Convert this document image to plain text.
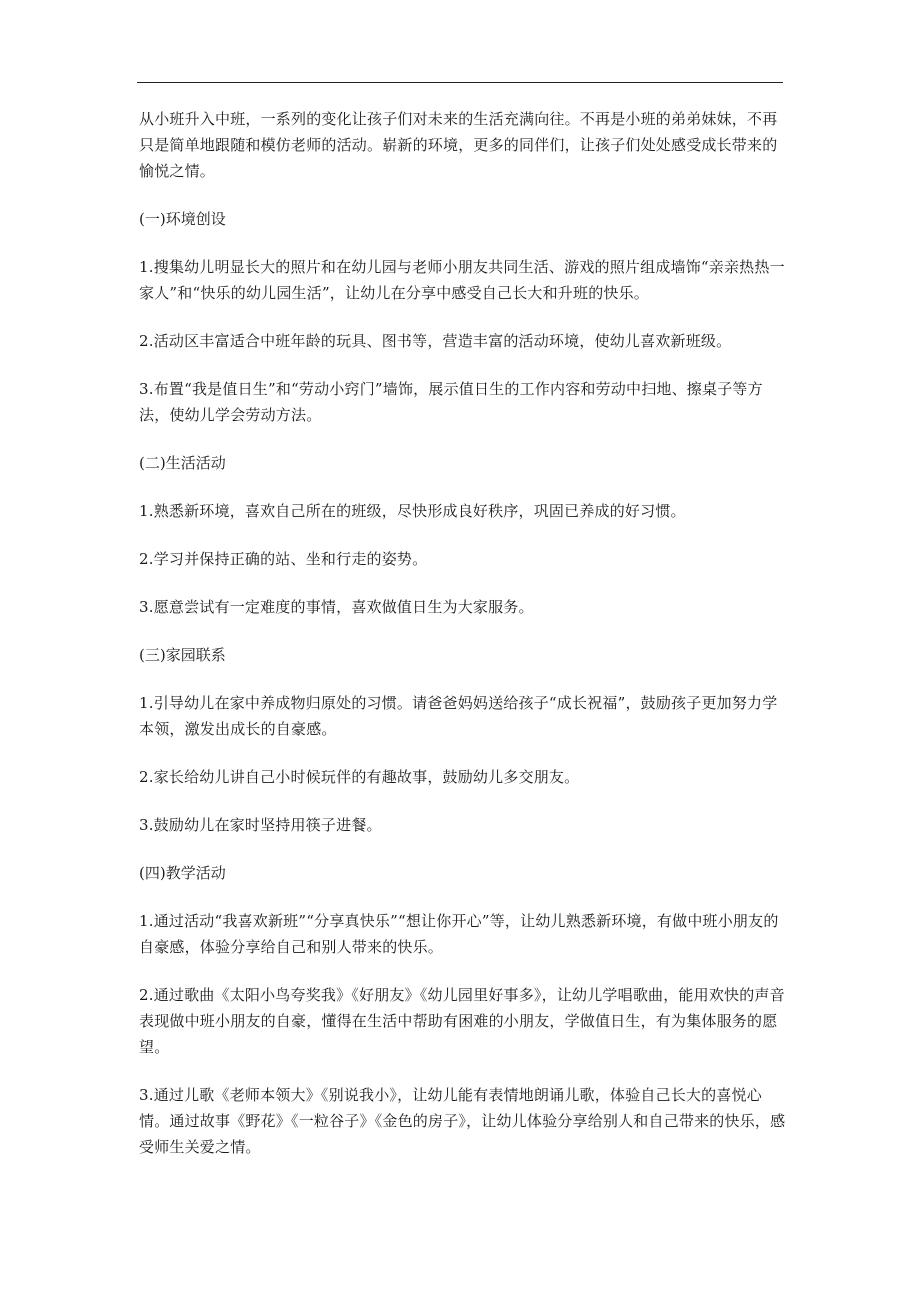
从小班升入中班，一系列的变化让孩子们对未来的生活充满向往。不再是小班的弟弟妹妹，不再只是简单地跟随和模仿老师的活动。崭新的环境，更多的同伴们，让孩子们处处感受成长带来的愉悦之情。

(一)环境创设

1.搜集幼儿明显长大的照片和在幼儿园与老师小朋友共同生活、游戏的照片组成墙饰“亲亲热热一家人”和“快乐的幼儿园生活”，让幼儿在分享中感受自己长大和升班的快乐。

2.活动区丰富适合中班年龄的玩具、图书等，营造丰富的活动环境，使幼儿喜欢新班级。

3.布置“我是值日生”和“劳动小窍门”墙饰，展示值日生的工作内容和劳动中扫地、擦桌子等方法，使幼儿学会劳动方法。

(二)生活活动

1.熟悉新环境，喜欢自己所在的班级，尽快形成良好秩序，巩固已养成的好习惯。

2.学习并保持正确的站、坐和行走的姿势。

3.愿意尝试有一定难度的事情，喜欢做值日生为大家服务。

(三)家园联系

1.引导幼儿在家中养成物归原处的习惯。请爸爸妈妈送给孩子“成长祝福”，鼓励孩子更加努力学本领，激发出成长的自豪感。

2.家长给幼儿讲自己小时候玩伴的有趣故事，鼓励幼儿多交朋友。

3.鼓励幼儿在家时坚持用筷子进餐。

(四)教学活动

1.通过活动“我喜欢新班”“分享真快乐”“想让你开心”等，让幼儿熟悉新环境，有做中班小朋友的自豪感，体验分享给自己和别人带来的快乐。

2.通过歌曲《太阳小鸟夸奖我》《好朋友》《幼儿园里好事多》，让幼儿学唱歌曲，能用欢快的声音表现做中班小朋友的自豪，懂得在生活中帮助有困难的小朋友，学做值日生，有为集体服务的愿望。

3.通过儿歌《老师本领大》《别说我小》，让幼儿能有表情地朗诵儿歌，体验自己长大的喜悦心情。通过故事《野花》《一粒谷子》《金色的房子》，让幼儿体验分享给别人和自己带来的快乐，感受师生关爱之情。
